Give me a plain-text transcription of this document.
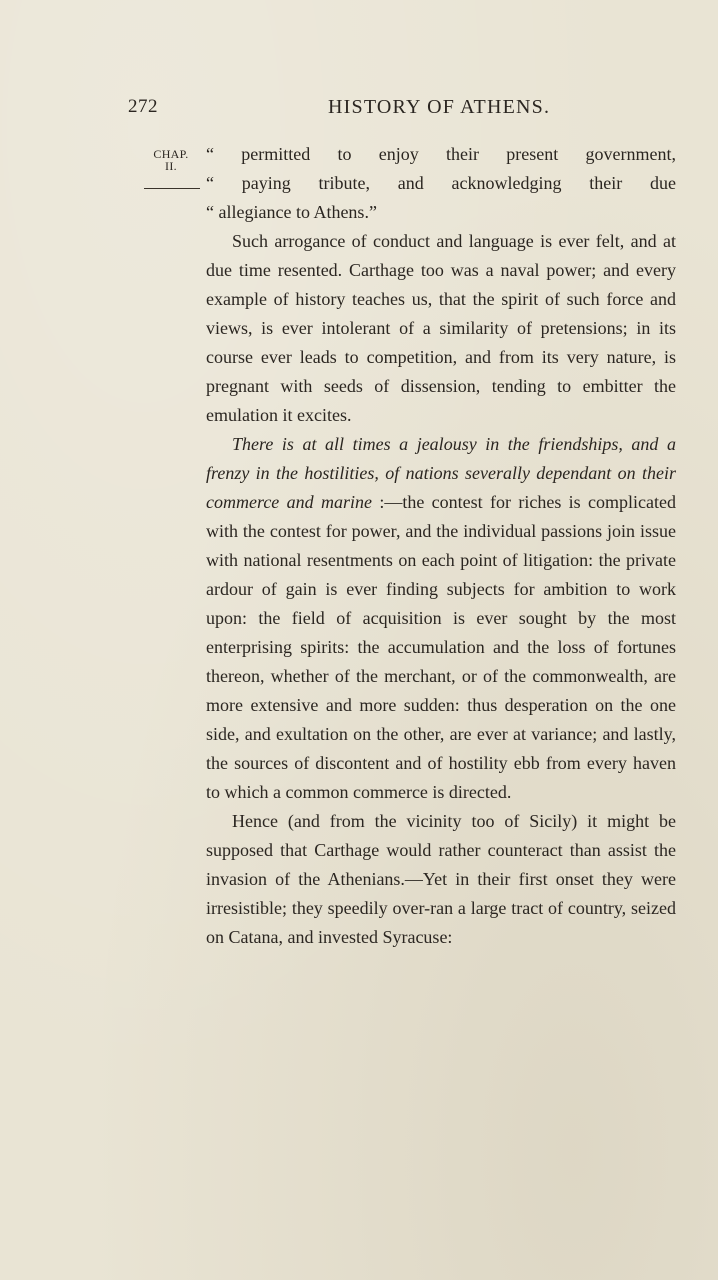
272	HISTORY OF ATHENS.
CHAP.
II.

“ permitted to enjoy their present government,
“ paying tribute, and acknowledging their due
“ allegiance to Athens.”

Such arrogance of conduct and language is ever felt, and at due time resented. Carthage too was a naval power; and every example of history teaches us, that the spirit of such force and views, is ever intolerant of a similarity of pretensions; in its course ever leads to competition, and from its very nature, is pregnant with seeds of dissension, tending to embitter the emulation it excites.

There is at all times a jealousy in the friendships, and a frenzy in the hostilities, of nations severally dependant on their commerce and marine :—the contest for riches is complicated with the contest for power, and the individual passions join issue with national resentments on each point of litigation: the private ardour of gain is ever finding subjects for ambition to work upon: the field of acquisition is ever sought by the most enterprising spirits: the accumulation and the loss of fortunes thereon, whether of the merchant, or of the commonwealth, are more extensive and more sudden: thus desperation on the one side, and exultation on the other, are ever at variance; and lastly, the sources of discontent and of hostility ebb from every haven to which a common commerce is directed.

Hence (and from the vicinity too of Sicily) it might be supposed that Carthage would rather counteract than assist the invasion of the Athenians.—Yet in their first onset they were irresistible; they speedily over-ran a large tract of country, seized on Catana, and invested Syracuse:
